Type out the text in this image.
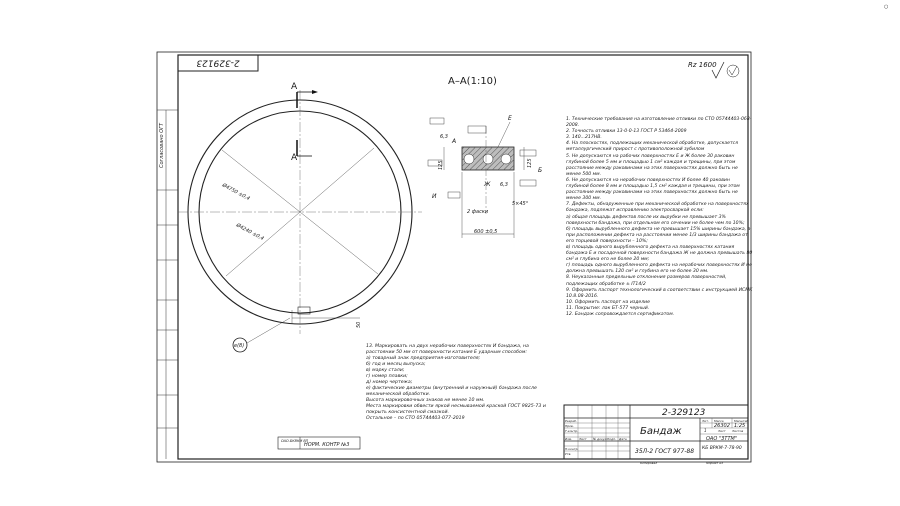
Согласовано ОГТ
2-329123
A
A
Ø4750 ±0,4
Ø4240 ±0,4
50
е(8)
A–A(1:10)
Rz 1600
600 ±0,5
125	125
6,3
6,3
Е
Ж
И
А
Б
5×45°
2 фаски
ОАО-БКВКМ ВП
НОРМ. КОНТР №3
2-329123
Бандаж
35Л-2 ГОСТ 977-88
26302 1:25
1
ОАО "ЗТТМ"
КБ ВРКМ-7-78-90
Изм.	Лист	№ докум. Подп. Дата
Разраб.
Пров.
Т.контр.
Н.контр.
Утв.
Лит. Масса	Масштаб
Лист	Листов
Копировал	Формат А3
○

1. Технические требования на изготовление отливки по СТО 05744403-068-2008.

2. Точность отливки 13-0-0-13 ГОСТ Р 53464-2009

3. 140...217HB.

4. На плоскостях, подлежащих механической обработке, допускается металлургический прирост с противоположной зубилом

5. Не допускаются на рабочих поверхностях Е и Ж более 30 раковин глубиной более 5 мм и площадью 1 см² каждая и трещины, при этом расстояние между раковинами на этих поверхностях должно быть не менее 500 мм.

6. Не допускаются на нерабочих поверхностях И более 40 раковин глубиной более 8 мм и площадью 1,5 см² каждая и трещины, при этом расстояние между раковинами на этих поверхностях должно быть не менее 300 мм.

7. Дефекты, обнаруженные при механической обработке на поверхностях бандажа, подлежат исправлению электросваркой если:

а) общая площадь дефектов после их вырубки не превышает 3% поверхности бандажа, при отдельном его сечении не более чем по 10%;

б) площадь вырубленного дефекта не превышает 15% ширины бандажа, а при расположении дефекта на расстоянии менее 1/3 ширины бандажа от его торцевой поверхности – 10%;

в) площадь одного вырубленного дефекта на поверхностях катания бандажа Е и посадочной поверхности бандажа Ж не должна превышать 80 см² и глубина его не более 20 мм;

г) площадь одного вырубленного дефекта на нерабочих поверхностях И не должна превышать 120 см² и глубина его не более 30 мм.

8. Неуказанные предельные отклонения размеров поверхностей, подлежащих обработке ± IT14/2

9. Оформить паспорт технологический в соответствии с инструкцией ИСМК 10.8.08-2016.

10. Оформить паспорт на изделие

11. Покрытие: лак БТ-577 черный.

12. Бандаж сопровождается сертификатом.

13. Маркировать на двух нерабочих поверхностях И бандажа, на расстоянии 50 мм от поверхности катания Е ударным способом:

а) товарный знак предприятия-изготовителя;

б) год и месяц выпуска;

в) марку стали;

г) номер плавки;

д) номер чертежа;

е) фактические диаметры (внутренний и наружный) бандажа после механической обработки.

Высота маркировочных знаков не менее 10 мм.

Места маркировки обвести яркой несмываемой краской ГОСТ 9825-73 и покрыть консистентной смазкой.

Остальное – по СТО 05744403-077-2019
